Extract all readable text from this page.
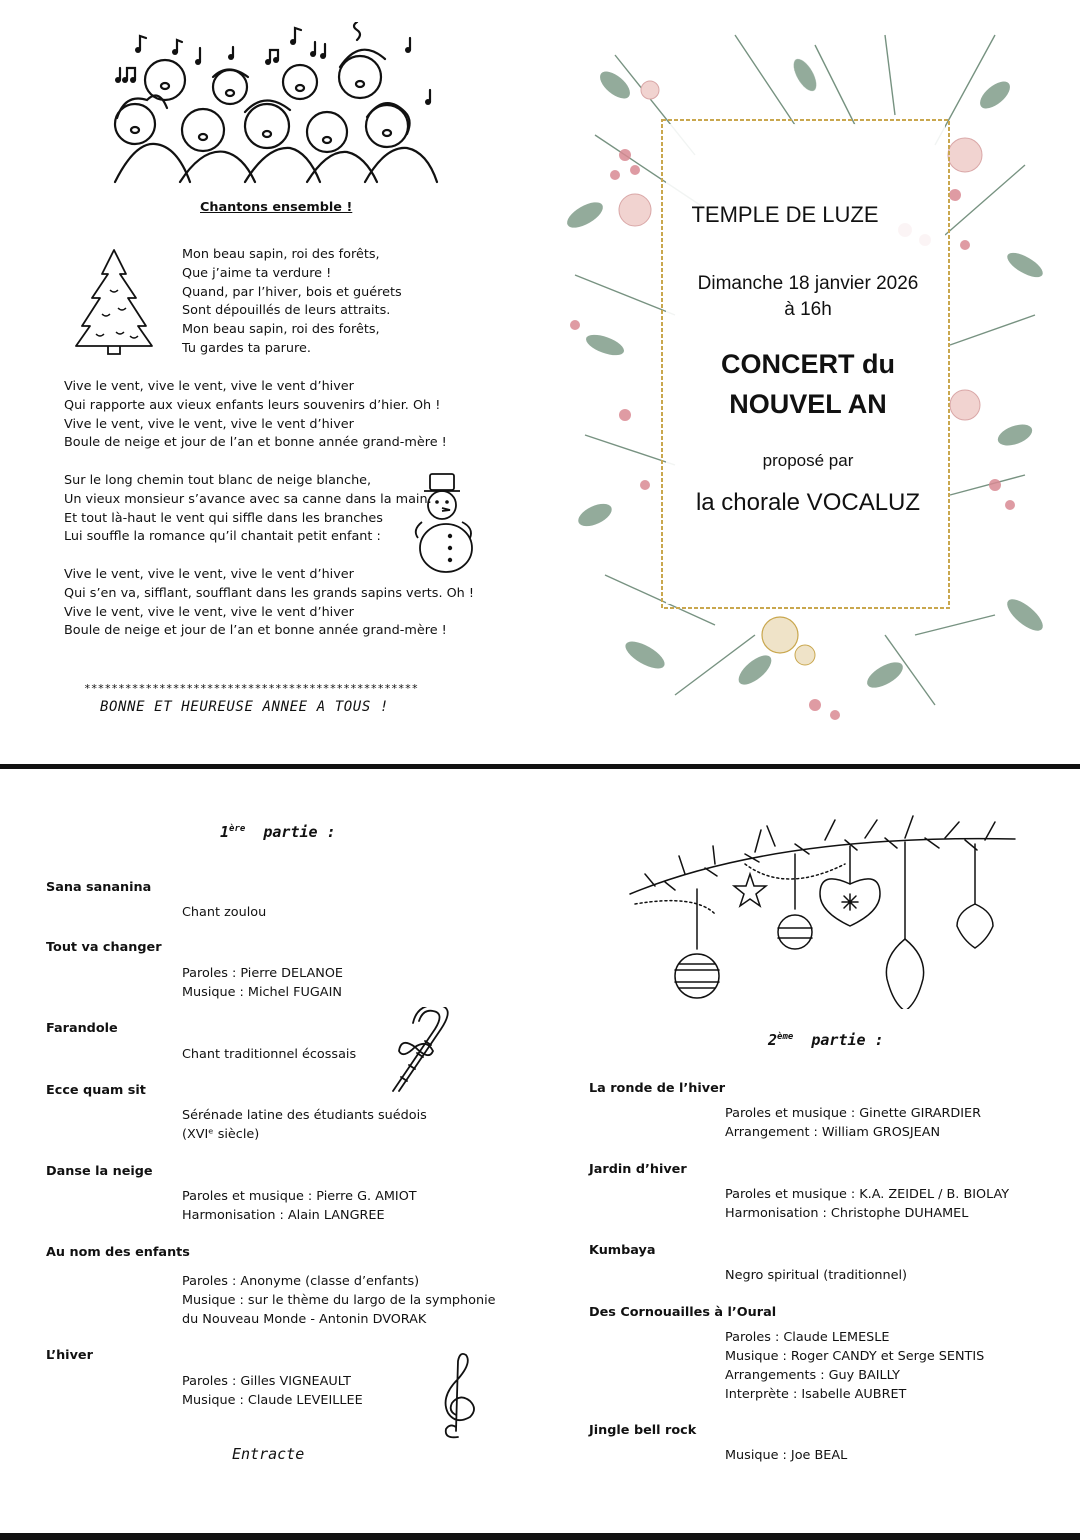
Chantons ensemble !
Mon beau sapin, roi des forêts,
Que j’aime ta verdure !
Quand, par l’hiver, bois et guérets
Sont dépouillés de leurs attraits.
Mon beau sapin, roi des forêts,
Tu gardes ta parure.
Vive le vent, vive le vent, vive le vent d’hiver
Qui rapporte aux vieux enfants leurs souvenirs d’hier. Oh !
Vive le vent, vive le vent, vive le vent d’hiver
Boule de neige et jour de l’an et bonne année grand-mère !
Sur le long chemin tout blanc de neige blanche,
Un vieux monsieur s’avance avec sa canne dans la main.
Et tout là-haut le vent qui siffle dans les branches
Lui souffle la romance qu’il chantait petit enfant :
Vive le vent, vive le vent, vive le vent d’hiver
Qui s’en va, sifflant, soufflant dans les grands sapins verts. Oh !
Vive le vent, vive le vent, vive le vent d’hiver
Boule de neige et jour de l’an et bonne année grand-mère !
*************************************************
BONNE ET HEUREUSE ANNEE A TOUS !
TEMPLE DE LUZE
Dimanche 18 janvier 2026
à 16h
CONCERT du
NOUVEL AN
proposé par
la chorale VOCALUZ
1ère partie :
Sana sananina
Chant zoulou
Tout va changer
Paroles : Pierre DELANOE
Musique : Michel FUGAIN
Farandole
Chant traditionnel écossais
Ecce quam sit
Sérénade latine des étudiants suédois
(XVIᵉ siècle)
Danse la neige
Paroles et musique : Pierre G. AMIOT
Harmonisation : Alain LANGREE
Au nom des enfants
Paroles : Anonyme (classe d’enfants)
Musique : sur le thème du largo de la symphonie
du Nouveau Monde - Antonin DVORAK
L’hiver
Paroles : Gilles VIGNEAULT
Musique : Claude LEVEILLEE
Entracte
2ème partie :
La ronde de l’hiver
Paroles et musique : Ginette GIRARDIER
Arrangement : William GROSJEAN
Jardin d’hiver
Paroles et musique : K.A. ZEIDEL / B. BIOLAY
Harmonisation : Christophe DUHAMEL
Kumbaya
Negro spiritual (traditionnel)
Des Cornouailles à l’Oural
Paroles : Claude LEMESLE
Musique : Roger CANDY et Serge SENTIS
Arrangements : Guy BAILLY
Interprète : Isabelle AUBRET
Jingle bell rock
Musique : Joe BEAL
